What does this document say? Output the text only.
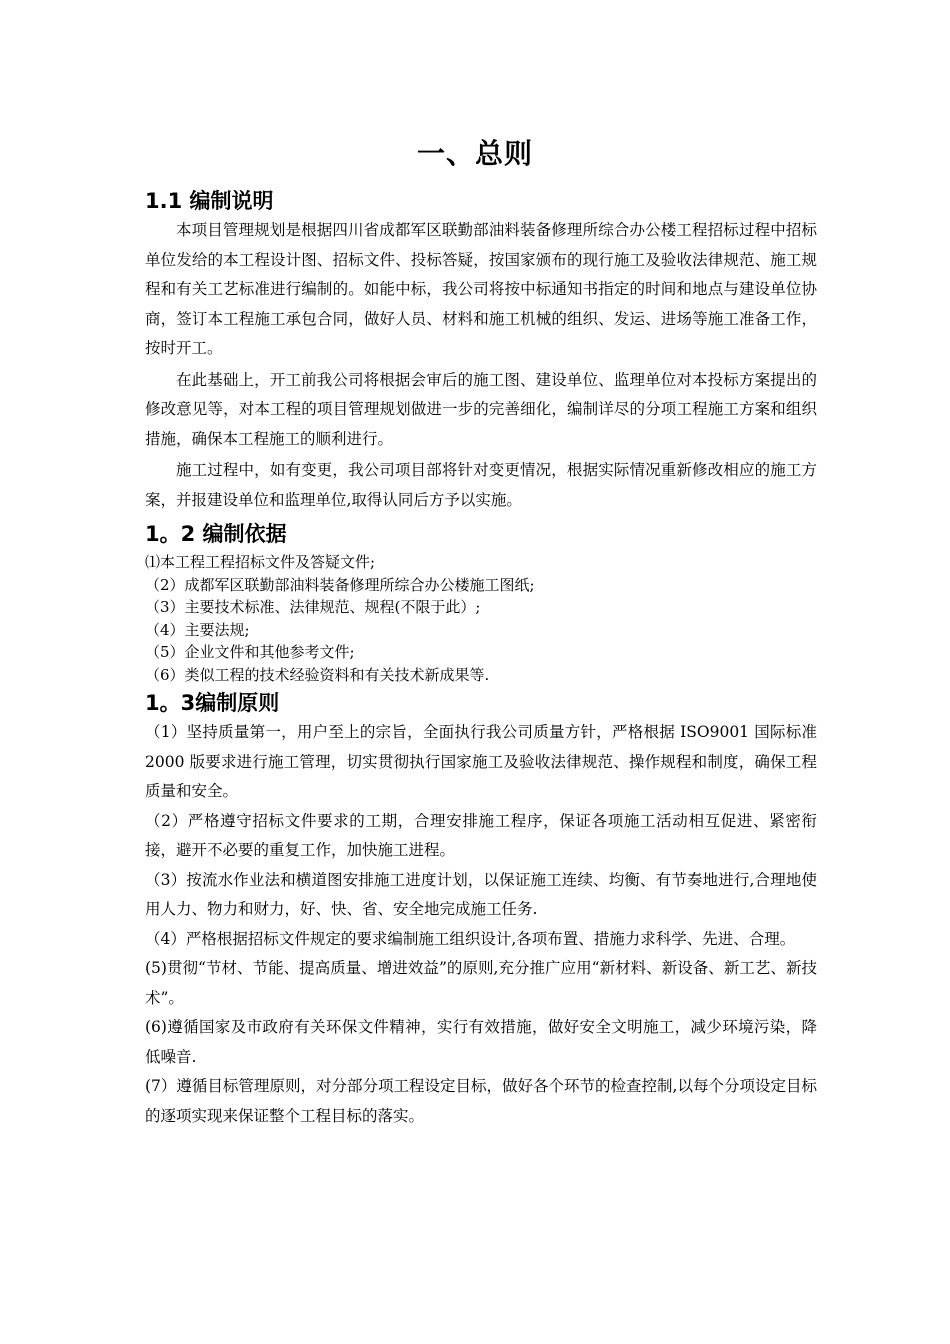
一、总则
1.1 编制说明

本项目管理规划是根据四川省成都军区联勤部油料装备修理所综合办公楼工程招标过程中招标单位发给的本工程设计图、招标文件、投标答疑，按国家颁布的现行施工及验收法律规范、施工规程和有关工艺标准进行编制的。如能中标，我公司将按中标通知书指定的时间和地点与建设单位协商，签订本工程施工承包合同，做好人员、材料和施工机械的组织、发运、进场等施工准备工作，按时开工。

在此基础上，开工前我公司将根据会审后的施工图、建设单位、监理单位对本投标方案提出的修改意见等，对本工程的项目管理规划做进一步的完善细化，编制详尽的分项工程施工方案和组织措施，确保本工程施工的顺利进行。

施工过程中，如有变更，我公司项目部将针对变更情况，根据实际情况重新修改相应的施工方案，并报建设单位和监理单位,取得认同后方予以实施。

1。2 编制依据
⑴本工程工程招标文件及答疑文件;
（2）成都军区联勤部油料装备修理所综合办公楼施工图纸;
（3）主要技术标准、法律规范、规程(不限于此）;
（4）主要法规;
（5）企业文件和其他参考文件;
（6）类似工程的技术经验资料和有关技术新成果等.
1。3编制原则
（1）坚持质量第一，用户至上的宗旨，全面执行我公司质量方针，严格根据 ISO9001 国际标准 2000 版要求进行施工管理，切实贯彻执行国家施工及验收法律规范、操作规程和制度，确保工程质量和安全。
（2）严格遵守招标文件要求的工期，合理安排施工程序，保证各项施工活动相互促进、紧密衔接，避开不必要的重复工作，加快施工进程。
（3）按流水作业法和横道图安排施工进度计划，以保证施工连续、均衡、有节奏地进行,合理地使用人力、物力和财力，好、快、省、安全地完成施工任务.
（4）严格根据招标文件规定的要求编制施工组织设计,各项布置、措施力求科学、先进、合理。
(5)贯彻“节材、节能、提高质量、增进效益”的原则,充分推广应用“新材料、新设备、新工艺、新技术”。
(6)遵循国家及市政府有关环保文件精神，实行有效措施，做好安全文明施工，减少环境污染，降低噪音.
(7）遵循目标管理原则，对分部分项工程设定目标，做好各个环节的检查控制,以每个分项设定目标的逐项实现来保证整个工程目标的落实。
